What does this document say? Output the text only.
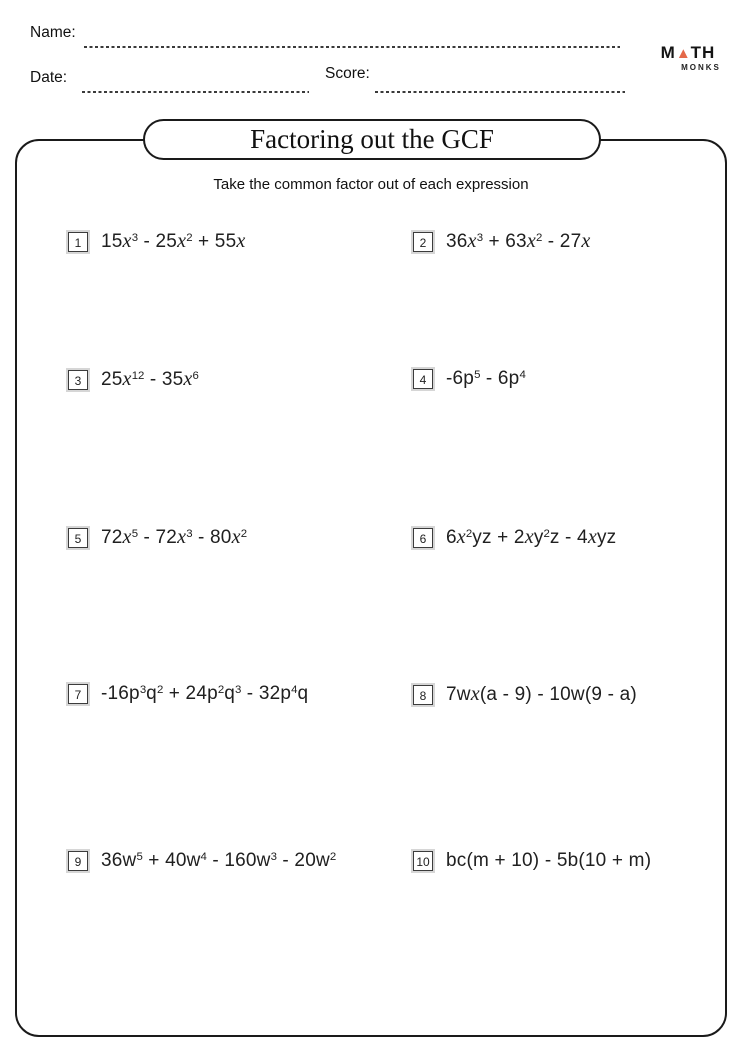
Name:
Date:	Score:
M▲TH
MONKS
Factoring out the GCF
Take the common factor out of each expression
1	$15x^3 - 25x^2 + 55x$	2	$36x^3 + 63x^2 - 27x$
3	$25x^{12} - 35x^6$	4	$-6p^5 - 6p^4$
5	$72x^5 - 72x^3 - 80x^2$	6	$6x^2yz + 2xy^2z - 4xyz$
7	$-16p^3q^2 + 24p^2q^3 - 32p^4q$	8	7wx(a - 9) - 10w(9 - a)
9	$36w^5 + 40w^4 - 160w^3 - 20w^2$	10 bc(m + 10) - 5b(10 + m)
